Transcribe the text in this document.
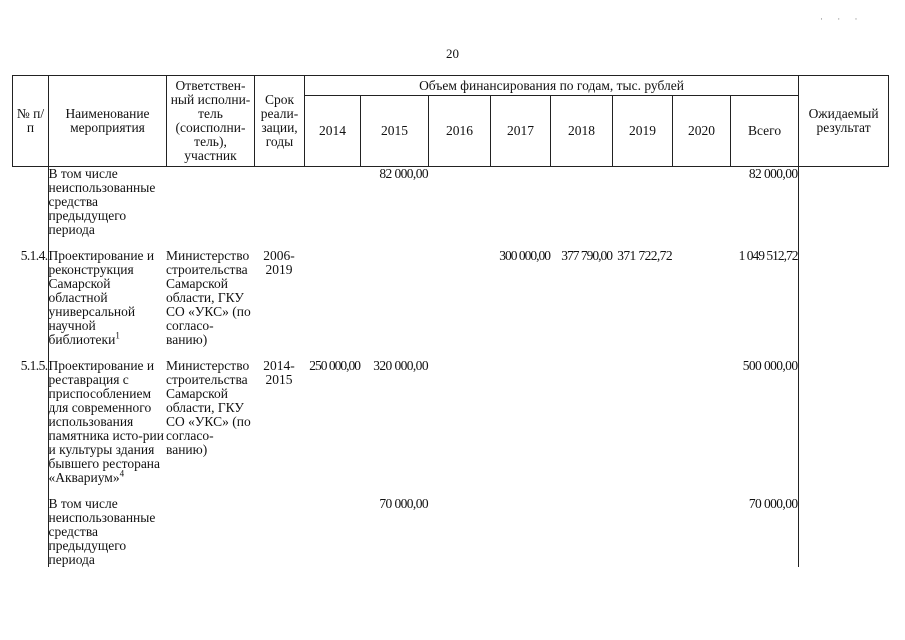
20
· · ·
№ п/п	Наименование мероприятия	Ответствен-ный исполни-тель (соисполни-тель), участник	Срок реали-зации, годы	Объем финансирования по годам, тыс. рублей								Ожидаемый результат
				2014	2015	2016	2017	2018	2019	2020	Всего	
	В том числе неиспользованные средства предыдущего периода				82 000,00						82 000,00	

5.1.4.	Проектирование и реконструкция Самарской областной универсальной научной библиотеки$^1$	Министерство строительства Самарской области, ГКУ СО «УКС» (по согласо-ванию)	2006-2019				300 000,00	377 790,00	371 722,72		1 049 512,72	

5.1.5.	Проектирование и реставрация с приспособлением для современного использования памятника исто-рии и культуры здания бывшего ресторана «Аквариум»$^4$	Министерство строительства Самарской области, ГКУ СО «УКС» (по согласо-ванию)	2014-2015	250 000,00	320 000,00						500 000,00	

	В том числе неиспользованные средства предыдущего периода				70 000,00						70 000,00	
